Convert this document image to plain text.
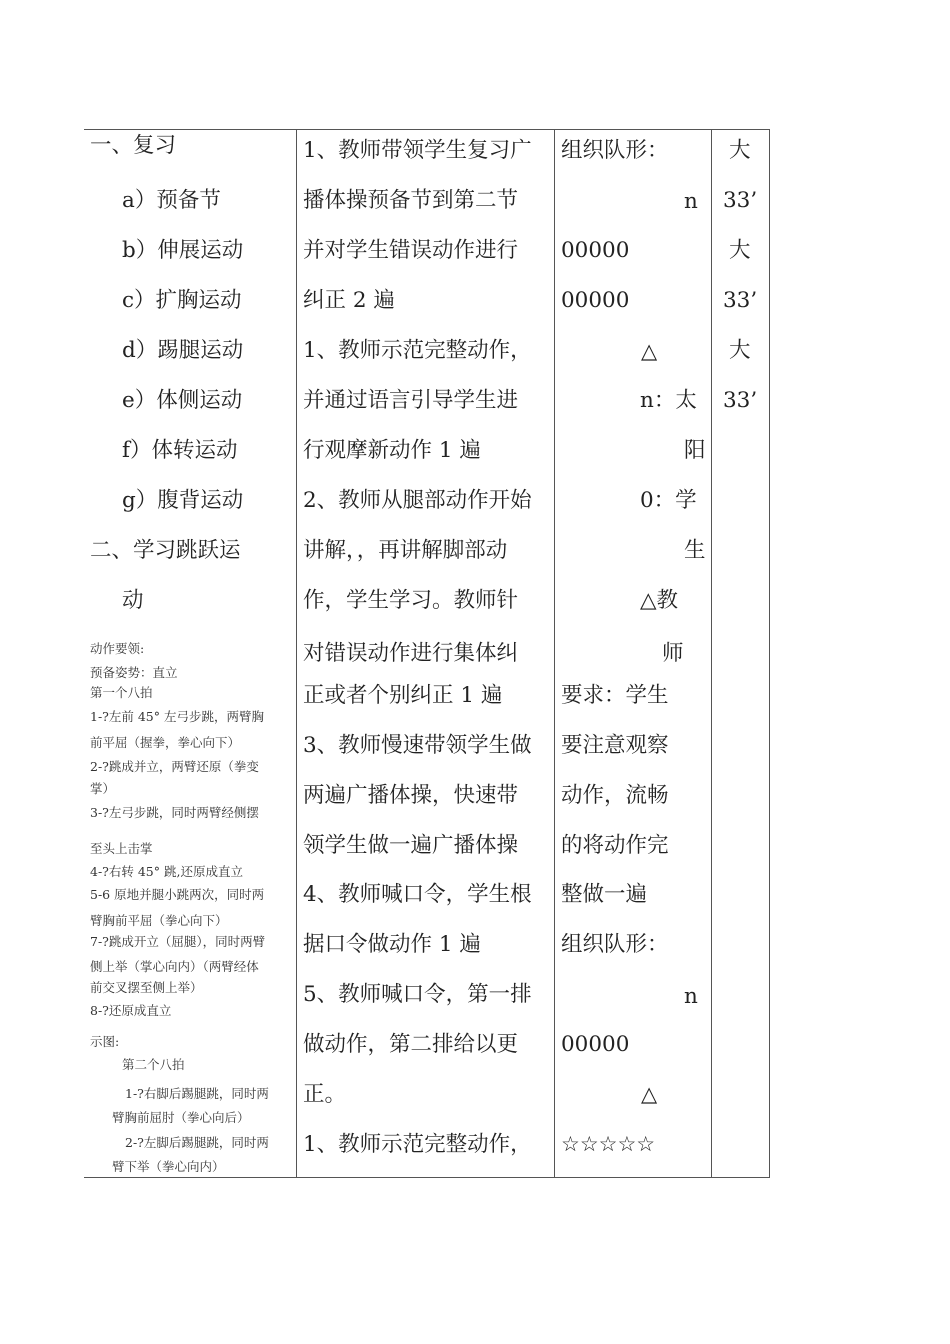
一、复习
a）预备节
b）伸展运动
c）扩胸运动
d）踢腿运动
e）体侧运动
f）体转运动
g）腹背运动
二、学习跳跃运
动
动作要领:
预备姿势：直立
第一个八拍
1-?左前 45° 左弓步跳，两臂胸
前平屈（握拳，拳心向下）
2-?跳成并立，两臂还原（拳变
掌）
3-?左弓步跳，同时两臂经侧摆
至头上击掌
4-?右转 45° 跳,还原成直立
5-6 原地并腿小跳两次，同时两
臂胸前平屈（拳心向下）
7-?跳成开立（屈腿），同时两臂
侧上举（掌心向内）（两臂经体
前交叉摆至侧上举）
8-?还原成直立
示图:
第二个八拍
1-?右脚后踢腿跳，同时两
臂胸前屈肘（拳心向后）
2-?左脚后踢腿跳，同时两
臂下举（拳心向内）
1、教师带领学生复习广
播体操预备节到第二节
并对学生错误动作进行
纠正 2 遍
1、教师示范完整动作，
并通过语言引导学生进
行观摩新动作 1 遍
2、教师从腿部动作开始
讲解，，再讲解脚部动
作，学生学习。教师针
对错误动作进行集体纠
正或者个别纠正 1 遍
3、教师慢速带领学生做
两遍广播体操，快速带
领学生做一遍广播体操
4、教师喊口令，学生根
据口令做动作 1 遍
5、教师喊口令，第一排
做动作，第二排给以更
正。
1、教师示范完整动作，
组织队形：
n
00000
00000
△
n：太
阳
0：学
生
△教
师
要求：学生
要注意观察
动作，流畅
的将动作完
整做一遍
组织队形：
n
00000
△
☆☆☆☆☆
大
33’
大
33’
大
33’
